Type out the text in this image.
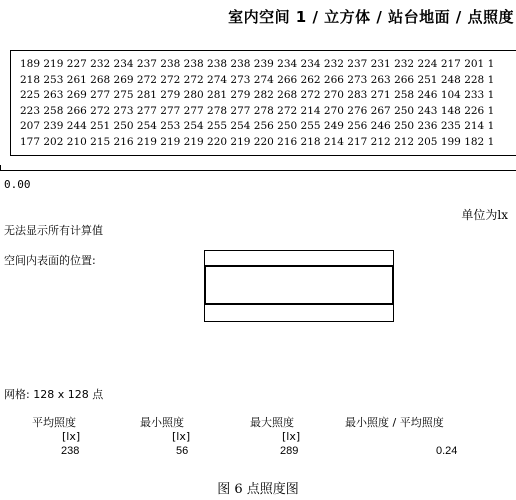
室内空间 1 / 立方体 / 站台地面 / 点照度
189 219 227 232 234 237 238 238 238 238 239 234 234 232 237 231 232 224 217 201 1
218 253 261 268 269 272 272 272 274 273 274 266 262 266 273 263 266 251 248 228 1
225 263 269 277 275 281 279 280 281 279 282 268 272 270 283 271 258 246 104 233 1
223 258 266 272 273 277 277 277 278 277 278 272 214 270 276 267 250 243 148 226 1
207 239 244 251 250 254 253 254 255 254 256 250 255 249 256 246 250 236 235 214 1
177 202 210 215 216 219 219 219 220 219 220 216 218 214 217 212 212 205 199 182 1
0.00
单位为lx
无法显示所有计算值
空间内表面的位置:
网格: 128 x 128 点
平均照度	最小照度	最大照度	最小照度 / 平均照度
[lx]	[lx]	[lx]
238	56	289	0.24
图 6 点照度图
